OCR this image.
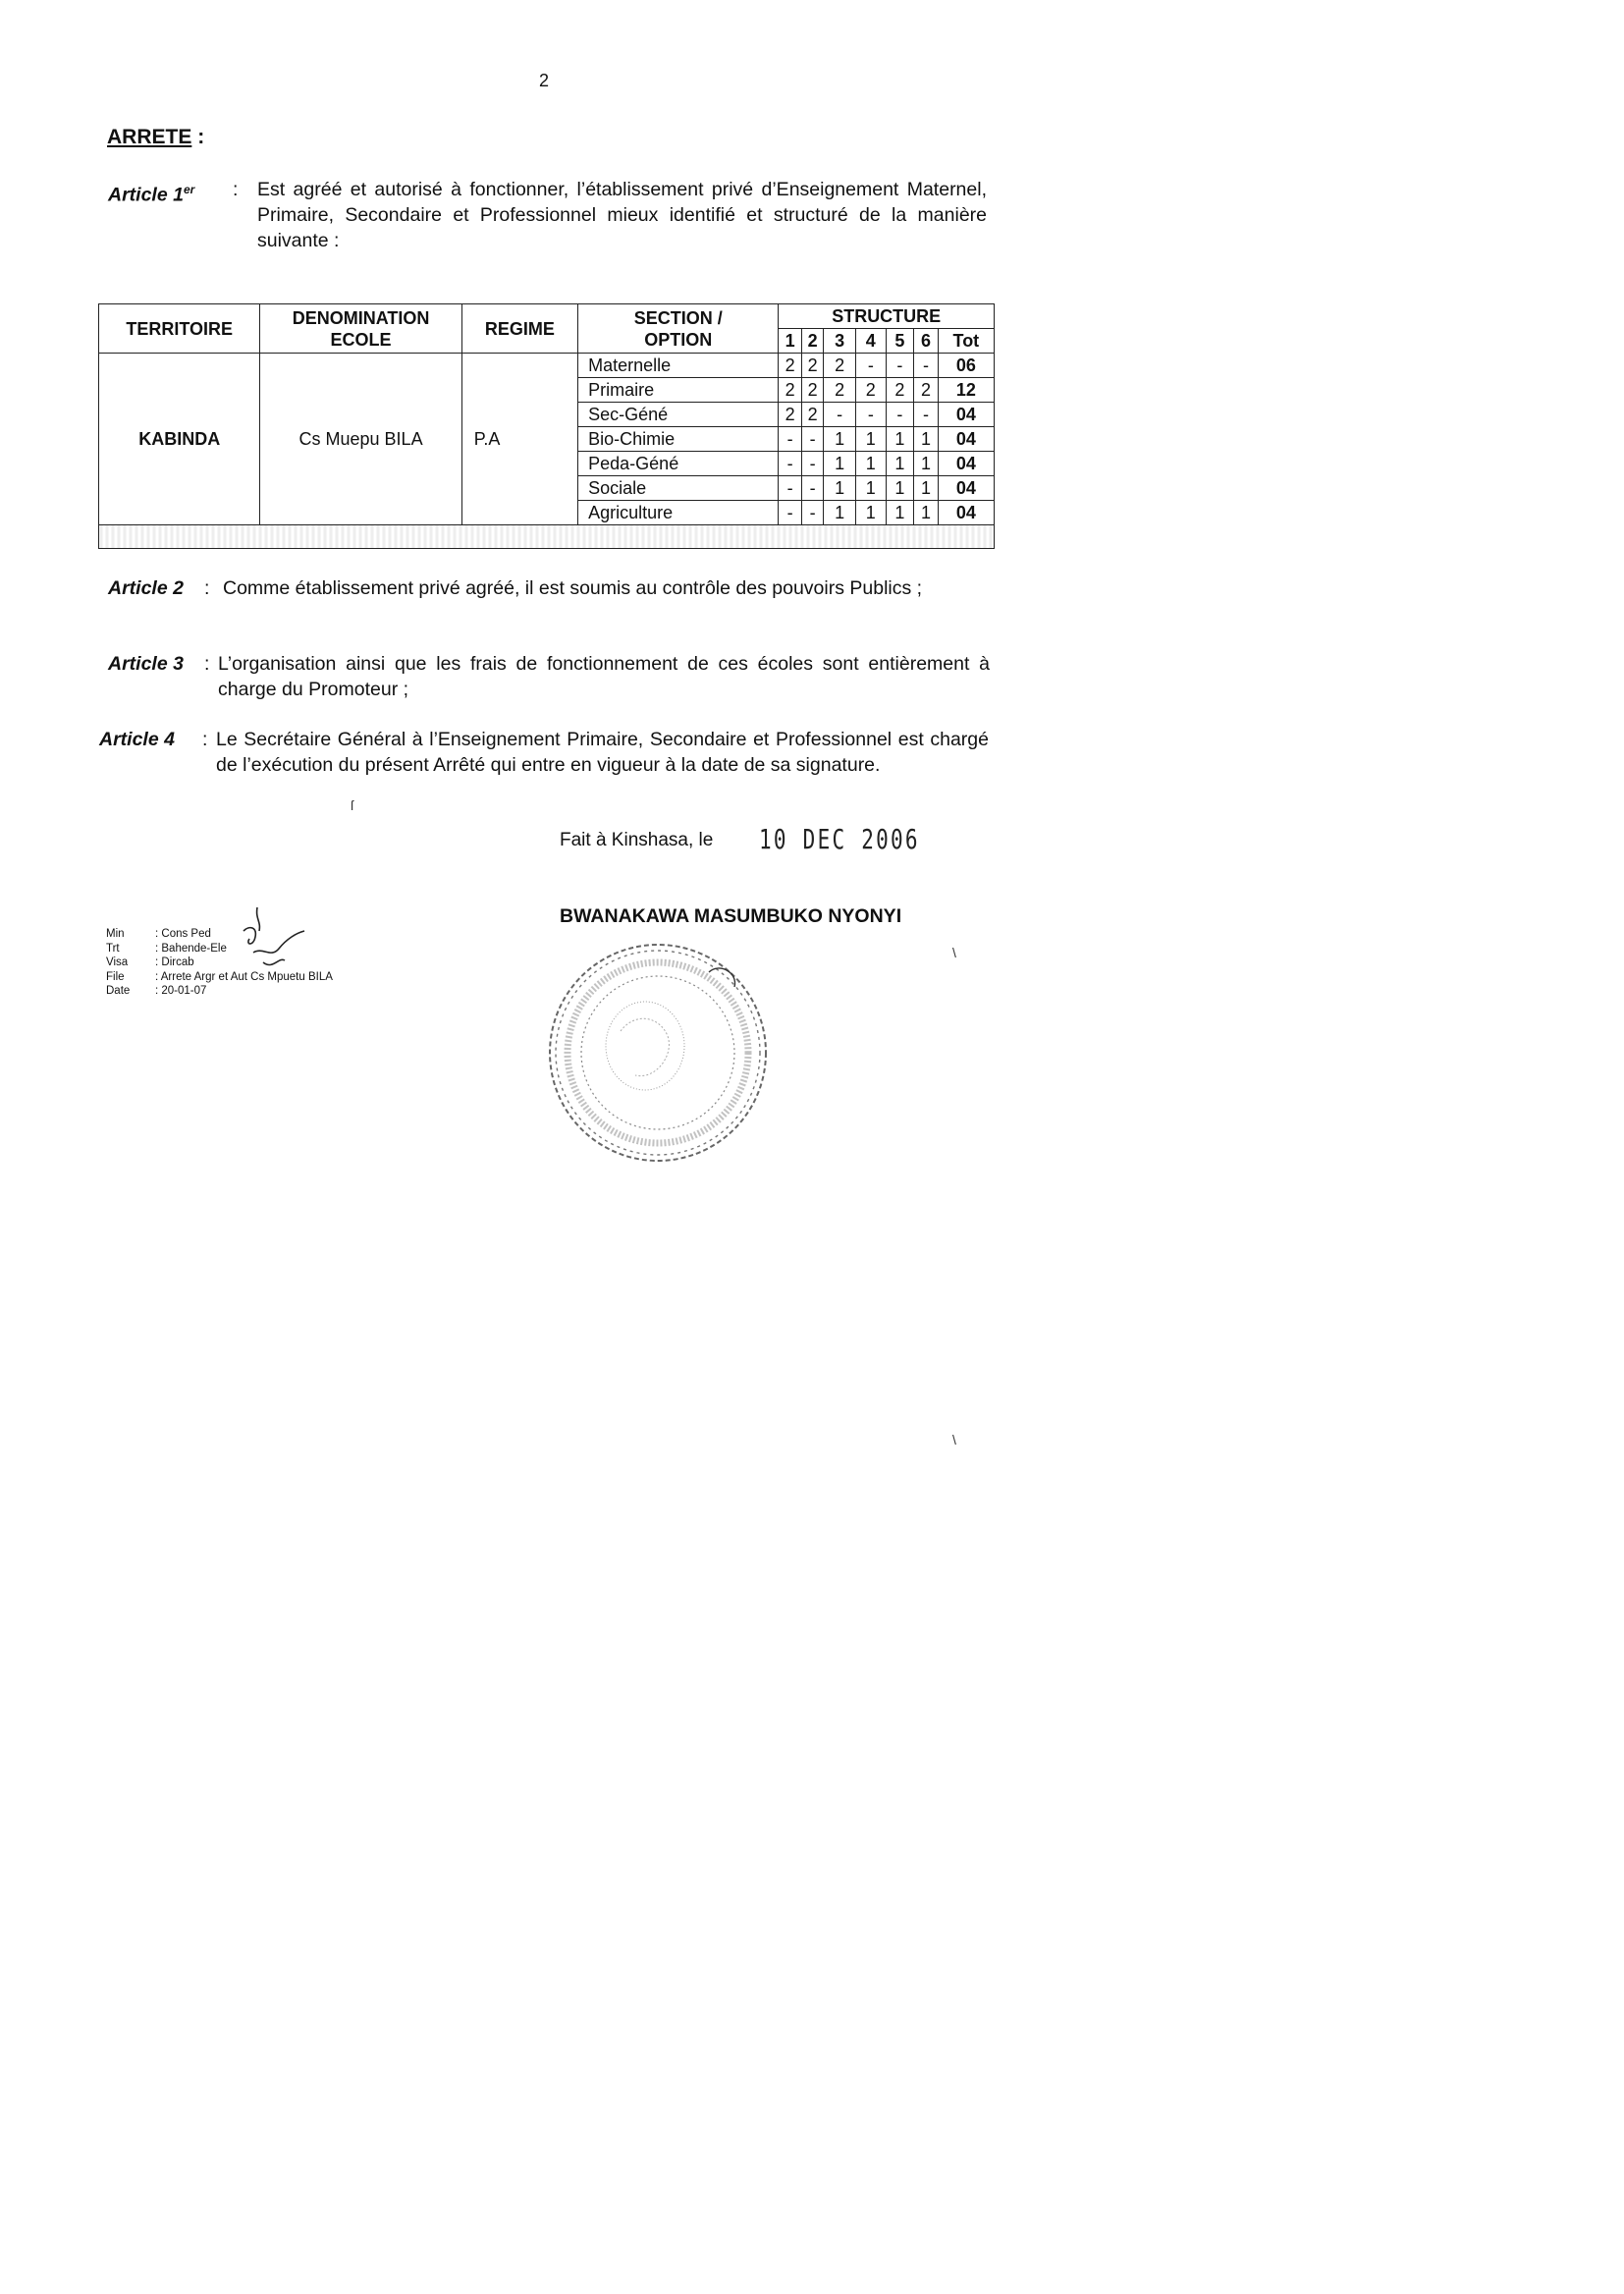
2
ARRETE :
Article 1er : Est agréé et autorisé à fonctionner, l’établissement privé d’Enseignement Maternel, Primaire, Secondaire et Professionnel mieux identifié et structuré de la manière suivante :
TERRITOIRE	DENOMINATION ECOLE	REGIME	SECTION / OPTION	STRUCTURE						
				1	2	3	4	5	6	Tot
KABINDA	Cs Muepu BILA	P.A	Maternelle	2	2	2	-	-	-	06
			Primaire	2	2	2	2	2	2	12
			Sec-Géné	2	2	-	-	-	-	04
			Bio-Chimie	-	-	1	1	1	1	04
			Peda-Géné	-	-	1	1	1	1	04
			Sociale	-	-	1	1	1	1	04
			Agriculture	-	-	1	1	1	1	04

Article 2 : Comme établissement privé agréé, il est soumis au contrôle des pouvoirs Publics ;
Article 3 : L’organisation ainsi que les frais de fonctionnement de ces écoles sont entièrement à charge du Promoteur ;
Article 4 : Le Secrétaire Général à l’Enseignement Primaire, Secondaire et Professionnel est chargé de l’exécution du présent Arrêté qui entre en vigueur à la date de sa signature.
ſ
Fait à Kinshasa, le 10 DEC 2006
BWANAKAWA MASUMBUKO NYONYI
Min	: Cons Ped
Trt	: Bahende-Ele
Visa	: Dircab
File	: Arrete Argr et Aut Cs Mpuetu BILA
Date	: 20-01-07
\
\
